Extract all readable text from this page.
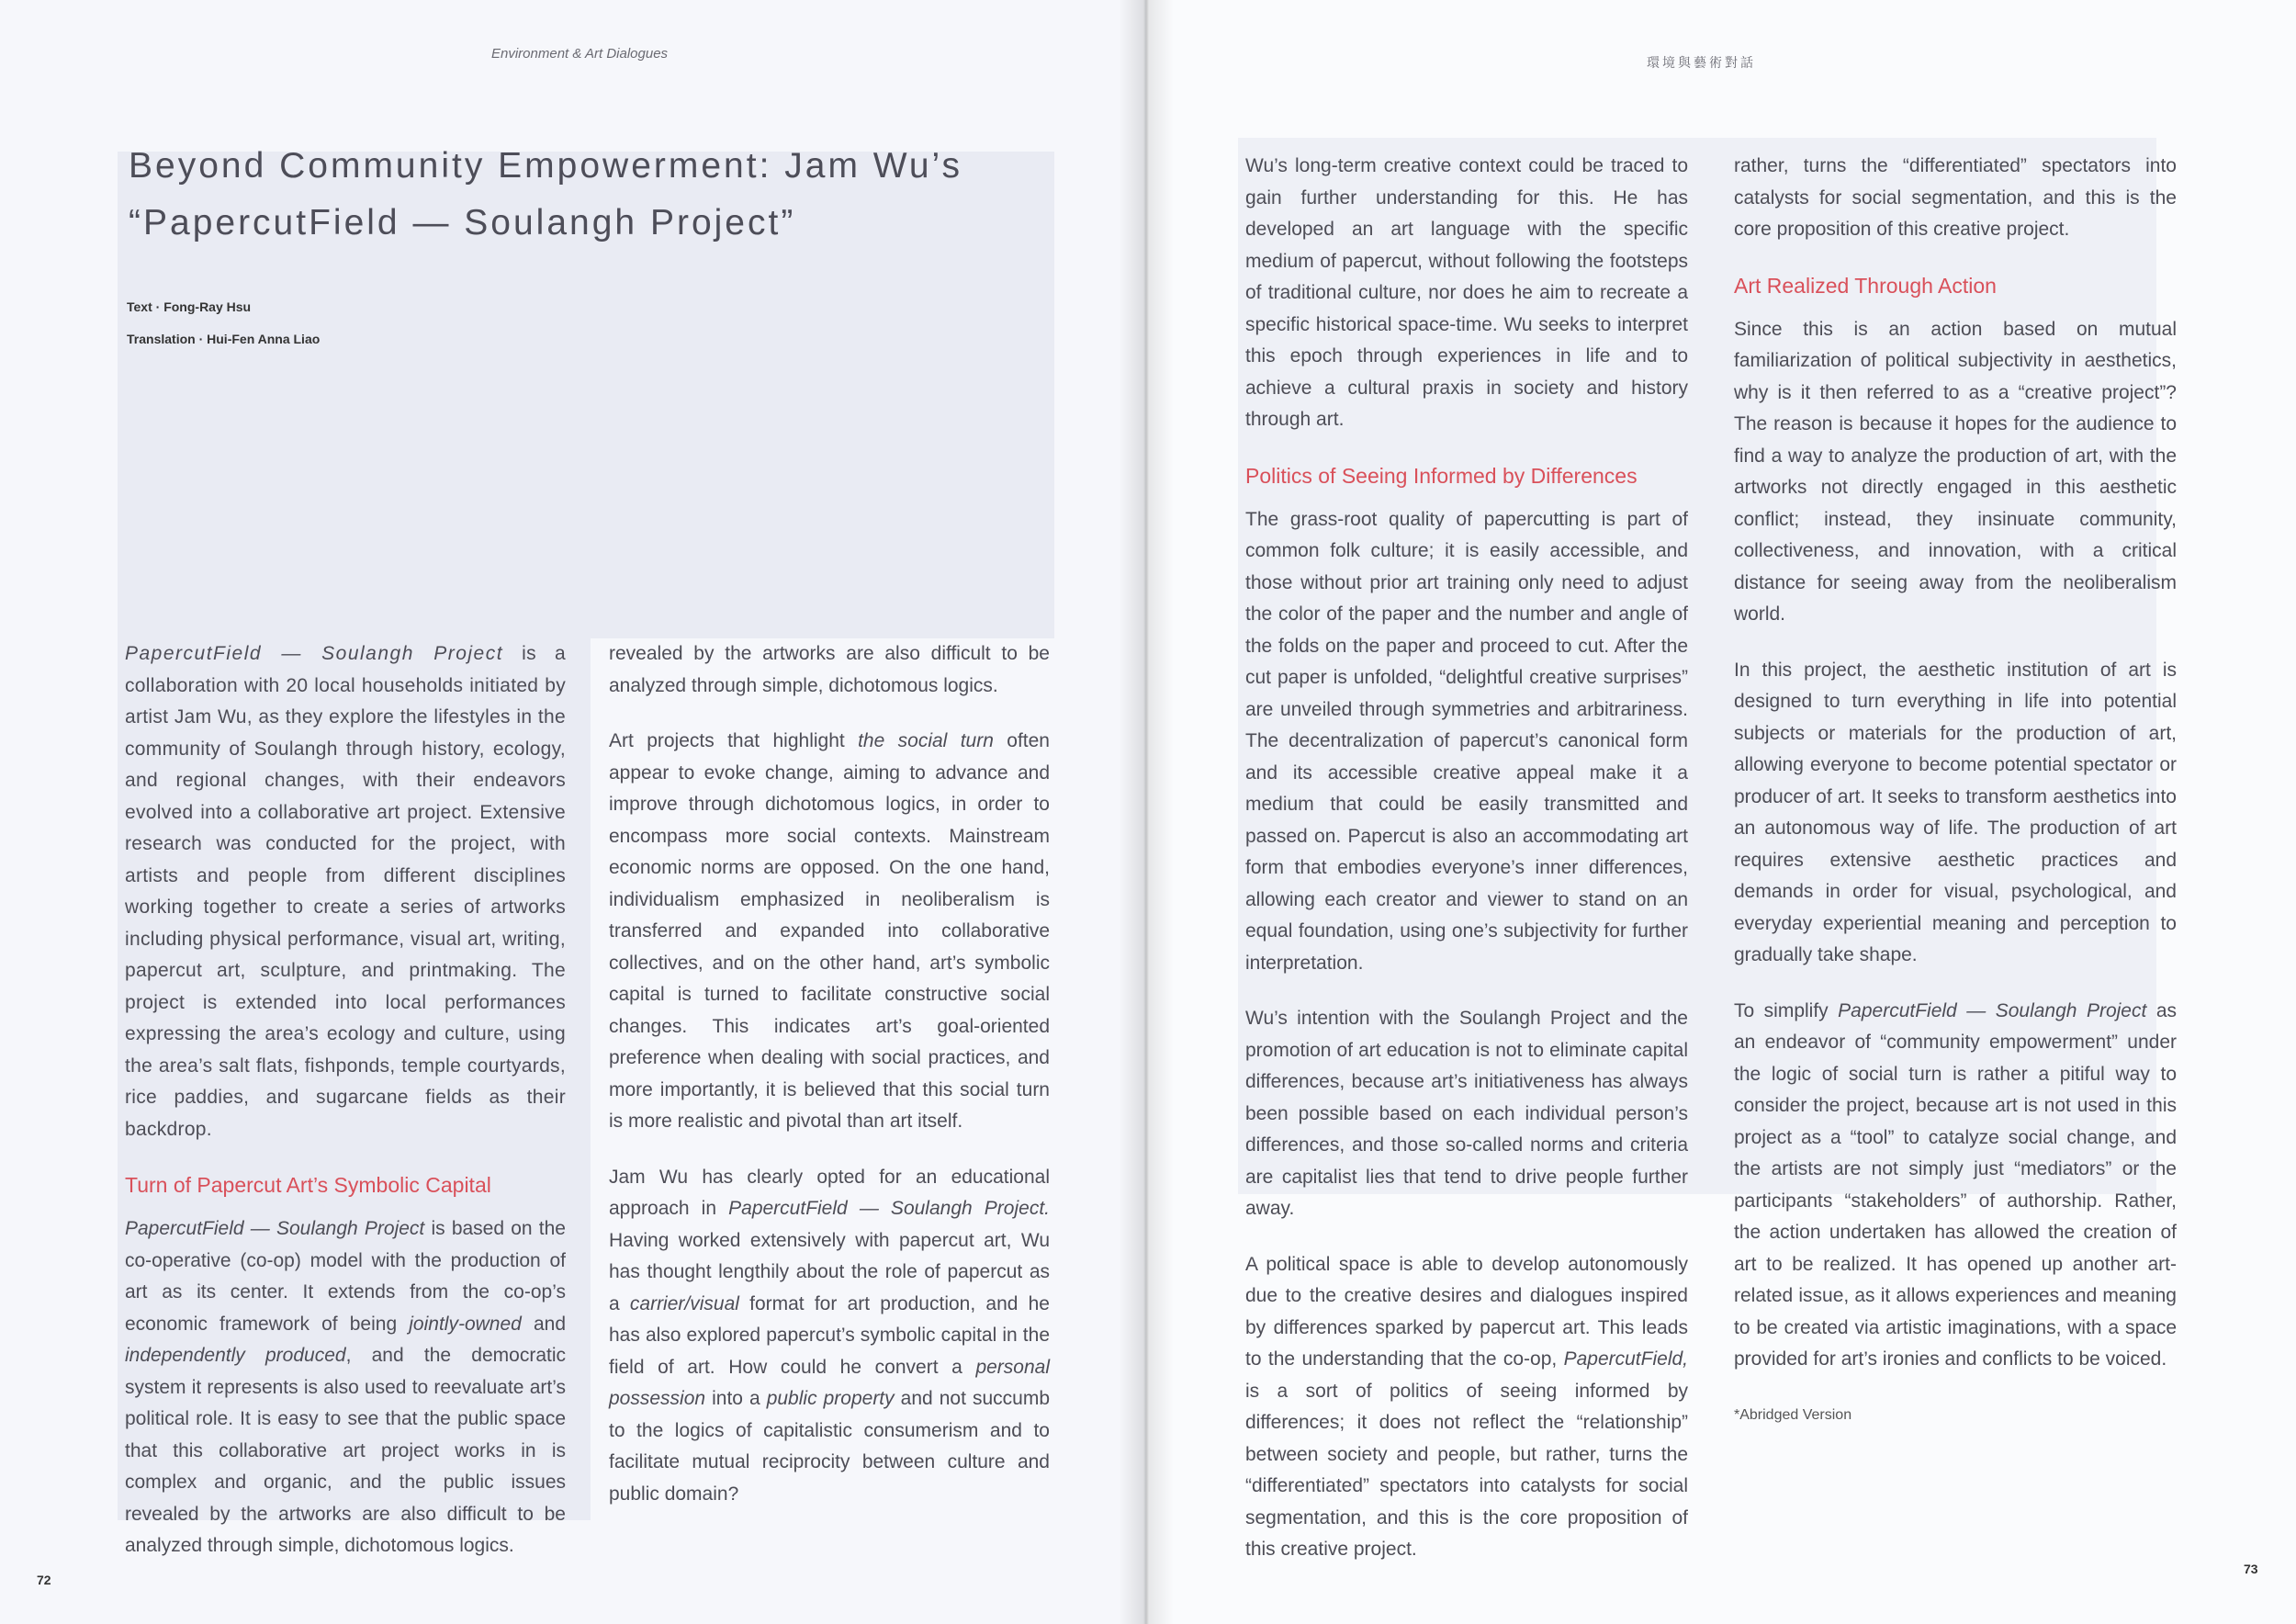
Environment & Art Dialogues
Beyond Community Empowerment: Jam Wu’s
“PapercutField — Soulangh Project”
Text · Fong-Ray Hsu
Translation · Hui-Fen Anna Liao

PapercutField — Soulangh Project is a collaboration with 20 local households initiated by artist Jam Wu, as they explore the lifestyles in the community of Soulangh through history, ecology, and regional changes, with their endeavors evolved into a collaborative art project. Extensive research was conducted for the project, with artists and people from different disciplines working together to create a series of artworks including physical performance, visual art, writing, papercut art, sculpture, and printmaking. The project is extended into local performances expressing the area’s ecology and culture, using the area’s salt flats, fishponds, temple courtyards, rice paddies, and sugarcane fields as their backdrop.

Turn of Papercut Art’s Symbolic Capital

PapercutField — Soulangh Project is based on the co-operative (co-op) model with the production of art as its center. It extends from the co-op’s economic framework of being jointly-owned and independently produced, and the democratic system it represents is also used to reevaluate art’s political role. It is easy to see that the public space that this collaborative art project works in is complex and organic, and the public issues revealed by the artworks are also difficult to be analyzed through simple, dichotomous logics.

revealed by the artworks are also difficult to be analyzed through simple, dichotomous logics.

Art projects that highlight the social turn often appear to evoke change, aiming to advance and improve through dichotomous logics, in order to encompass more social contexts. Mainstream economic norms are opposed. On the one hand, individualism emphasized in neoliberalism is transferred and expanded into collaborative collectives, and on the other hand, art’s symbolic capital is turned to facilitate constructive social changes. This indicates art’s goal-oriented preference when dealing with social practices, and more importantly, it is believed that this social turn is more realistic and pivotal than art itself.

Jam Wu has clearly opted for an educational approach in PapercutField — Soulangh Project. Having worked extensively with papercut art, Wu has thought lengthily about the role of papercut as a carrier/visual format for art production, and he has also explored papercut’s symbolic capital in the field of art. How could he convert a personal possession into a public property and not succumb to the logics of capitalistic consumerism and to facilitate mutual reciprocity between culture and public domain?

72
環境與藝術對話

Wu’s long-term creative context could be traced to gain further understanding for this. He has developed an art language with the specific medium of papercut, without following the footsteps of traditional culture, nor does he aim to recreate a specific historical space-time. Wu seeks to interpret this epoch through experiences in life and to achieve a cultural praxis in society and history through art.

Politics of Seeing Informed by Differences

The grass-root quality of papercutting is part of common folk culture; it is easily accessible, and those without prior art training only need to adjust the color of the paper and the number and angle of the folds on the paper and proceed to cut. After the cut paper is unfolded, “delightful creative surprises” are unveiled through symmetries and arbitrariness. The decentralization of papercut’s canonical form and its accessible creative appeal make it a medium that could be easily transmitted and passed on. Papercut is also an accommodating art form that embodies everyone’s inner differences, allowing each creator and viewer to stand on an equal foundation, using one’s subjectivity for further interpretation.

Wu’s intention with the Soulangh Project and the promotion of art education is not to eliminate capital differences, because art’s initiativeness has always been possible based on each individual person’s differences, and those so-called norms and criteria are capitalist lies that tend to drive people further away.

A political space is able to develop autonomously due to the creative desires and dialogues inspired by differences sparked by papercut art. This leads to the understanding that the co-op, PapercutField, is a sort of politics of seeing informed by differences; it does not reflect the “relationship” between society and people, but rather, turns the “differentiated” spectators into catalysts for social segmentation, and this is the core proposition of this creative project.

rather, turns the “differentiated” spectators into catalysts for social segmentation, and this is the core proposition of this creative project.

Art Realized Through Action

Since this is an action based on mutual familiarization of political subjectivity in aesthetics, why is it then referred to as a “creative project”? The reason is because it hopes for the audience to find a way to analyze the production of art, with the artworks not directly engaged in this aesthetic conflict; instead, they insinuate community, collectiveness, and innovation, with a critical distance for seeing away from the neoliberalism world.

In this project, the aesthetic institution of art is designed to turn everything in life into potential subjects or materials for the production of art, allowing everyone to become potential spectator or producer of art. It seeks to transform aesthetics into an autonomous way of life. The production of art requires extensive aesthetic practices and demands in order for visual, psychological, and everyday experiential meaning and perception to gradually take shape.

To simplify PapercutField — Soulangh Project as an endeavor of “community empowerment” under the logic of social turn is rather a pitiful way to consider the project, because art is not used in this project as a “tool” to catalyze social change, and the artists are not simply just “mediators” or the participants “stakeholders” of authorship. Rather, the action undertaken has allowed the creation of art to be realized. It has opened up another art-related issue, as it allows experiences and meaning to be created via artistic imaginations, with a space provided for art’s ironies and conflicts to be voiced.

*Abridged Version

73
